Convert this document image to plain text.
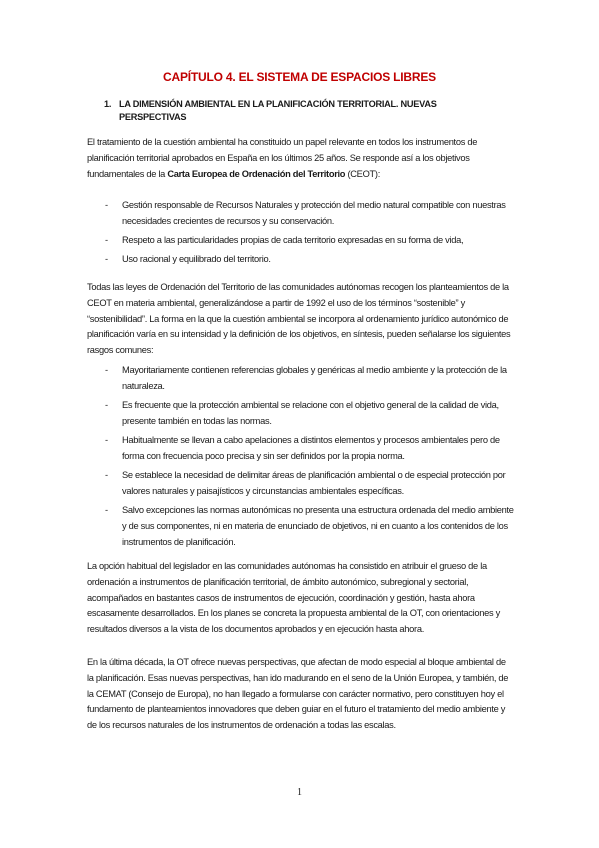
CAPÍTULO 4. EL SISTEMA DE ESPACIOS LIBRES
1. LA DIMENSIÓN AMBIENTAL EN LA PLANIFICACIÓN TERRITORIAL. NUEVAS PERSPECTIVAS

El tratamiento de la cuestión ambiental ha constituido un papel relevante en todos los instrumentos de planificación territorial aprobados en España en los últimos 25 años. Se responde así a los objetivos fundamentales de la Carta Europea de Ordenación del Territorio (CEOT):

- Gestión responsable de Recursos Naturales y protección del medio natural compatible con nuestras necesidades crecientes de recursos y su conservación.
- Respeto a las particularidades propias de cada territorio expresadas en su forma de vida,
- Uso racional y equilibrado del territorio.

Todas las leyes de Ordenación del Territorio de las comunidades autónomas recogen los planteamientos de la CEOT en materia ambiental, generalizándose a partir de 1992 el uso de los términos “sostenible” y “sostenibilidad”. La forma en la que la cuestión ambiental se incorpora al ordenamiento jurídico autonómico de planificación varía en su intensidad y la definición de los objetivos, en síntesis, pueden señalarse los siguientes rasgos comunes:

- Mayoritariamente contienen referencias globales y genéricas al medio ambiente y la protección de la naturaleza.
- Es frecuente que la protección ambiental se relacione con el objetivo general de la calidad de vida, presente también en todas las normas.
- Habitualmente se llevan a cabo apelaciones a distintos elementos y procesos ambientales pero de forma con frecuencia poco precisa y sin ser definidos por la propia norma.
- Se establece la necesidad de delimitar áreas de planificación ambiental o de especial protección por valores naturales y paisajísticos y circunstancias ambientales específicas.
- Salvo excepciones las normas autonómicas no presenta una estructura ordenada del medio ambiente y de sus componentes, ni en materia de enunciado de objetivos, ni en cuanto a los contenidos de los instrumentos de planificación.

La opción habitual del legislador en las comunidades autónomas ha consistido en atribuir el grueso de la ordenación a instrumentos de planificación territorial, de ámbito autonómico, subregional y sectorial, acompañados en bastantes casos de instrumentos de ejecución, coordinación y gestión, hasta ahora escasamente desarrollados. En los planes se concreta la propuesta ambiental de la OT, con orientaciones y resultados diversos a la vista de los documentos aprobados y en ejecución hasta ahora.

En la última década, la OT ofrece nuevas perspectivas, que afectan de modo especial al bloque ambiental de la planificación. Esas nuevas perspectivas, han ido madurando en el seno de la Unión Europea, y también, de la CEMAT (Consejo de Europa), no han llegado a formularse con carácter normativo, pero constituyen hoy el fundamento de planteamientos innovadores que deben guiar en el futuro el tratamiento del medio ambiente y de los recursos naturales de los instrumentos de ordenación a todas las escalas.

1
